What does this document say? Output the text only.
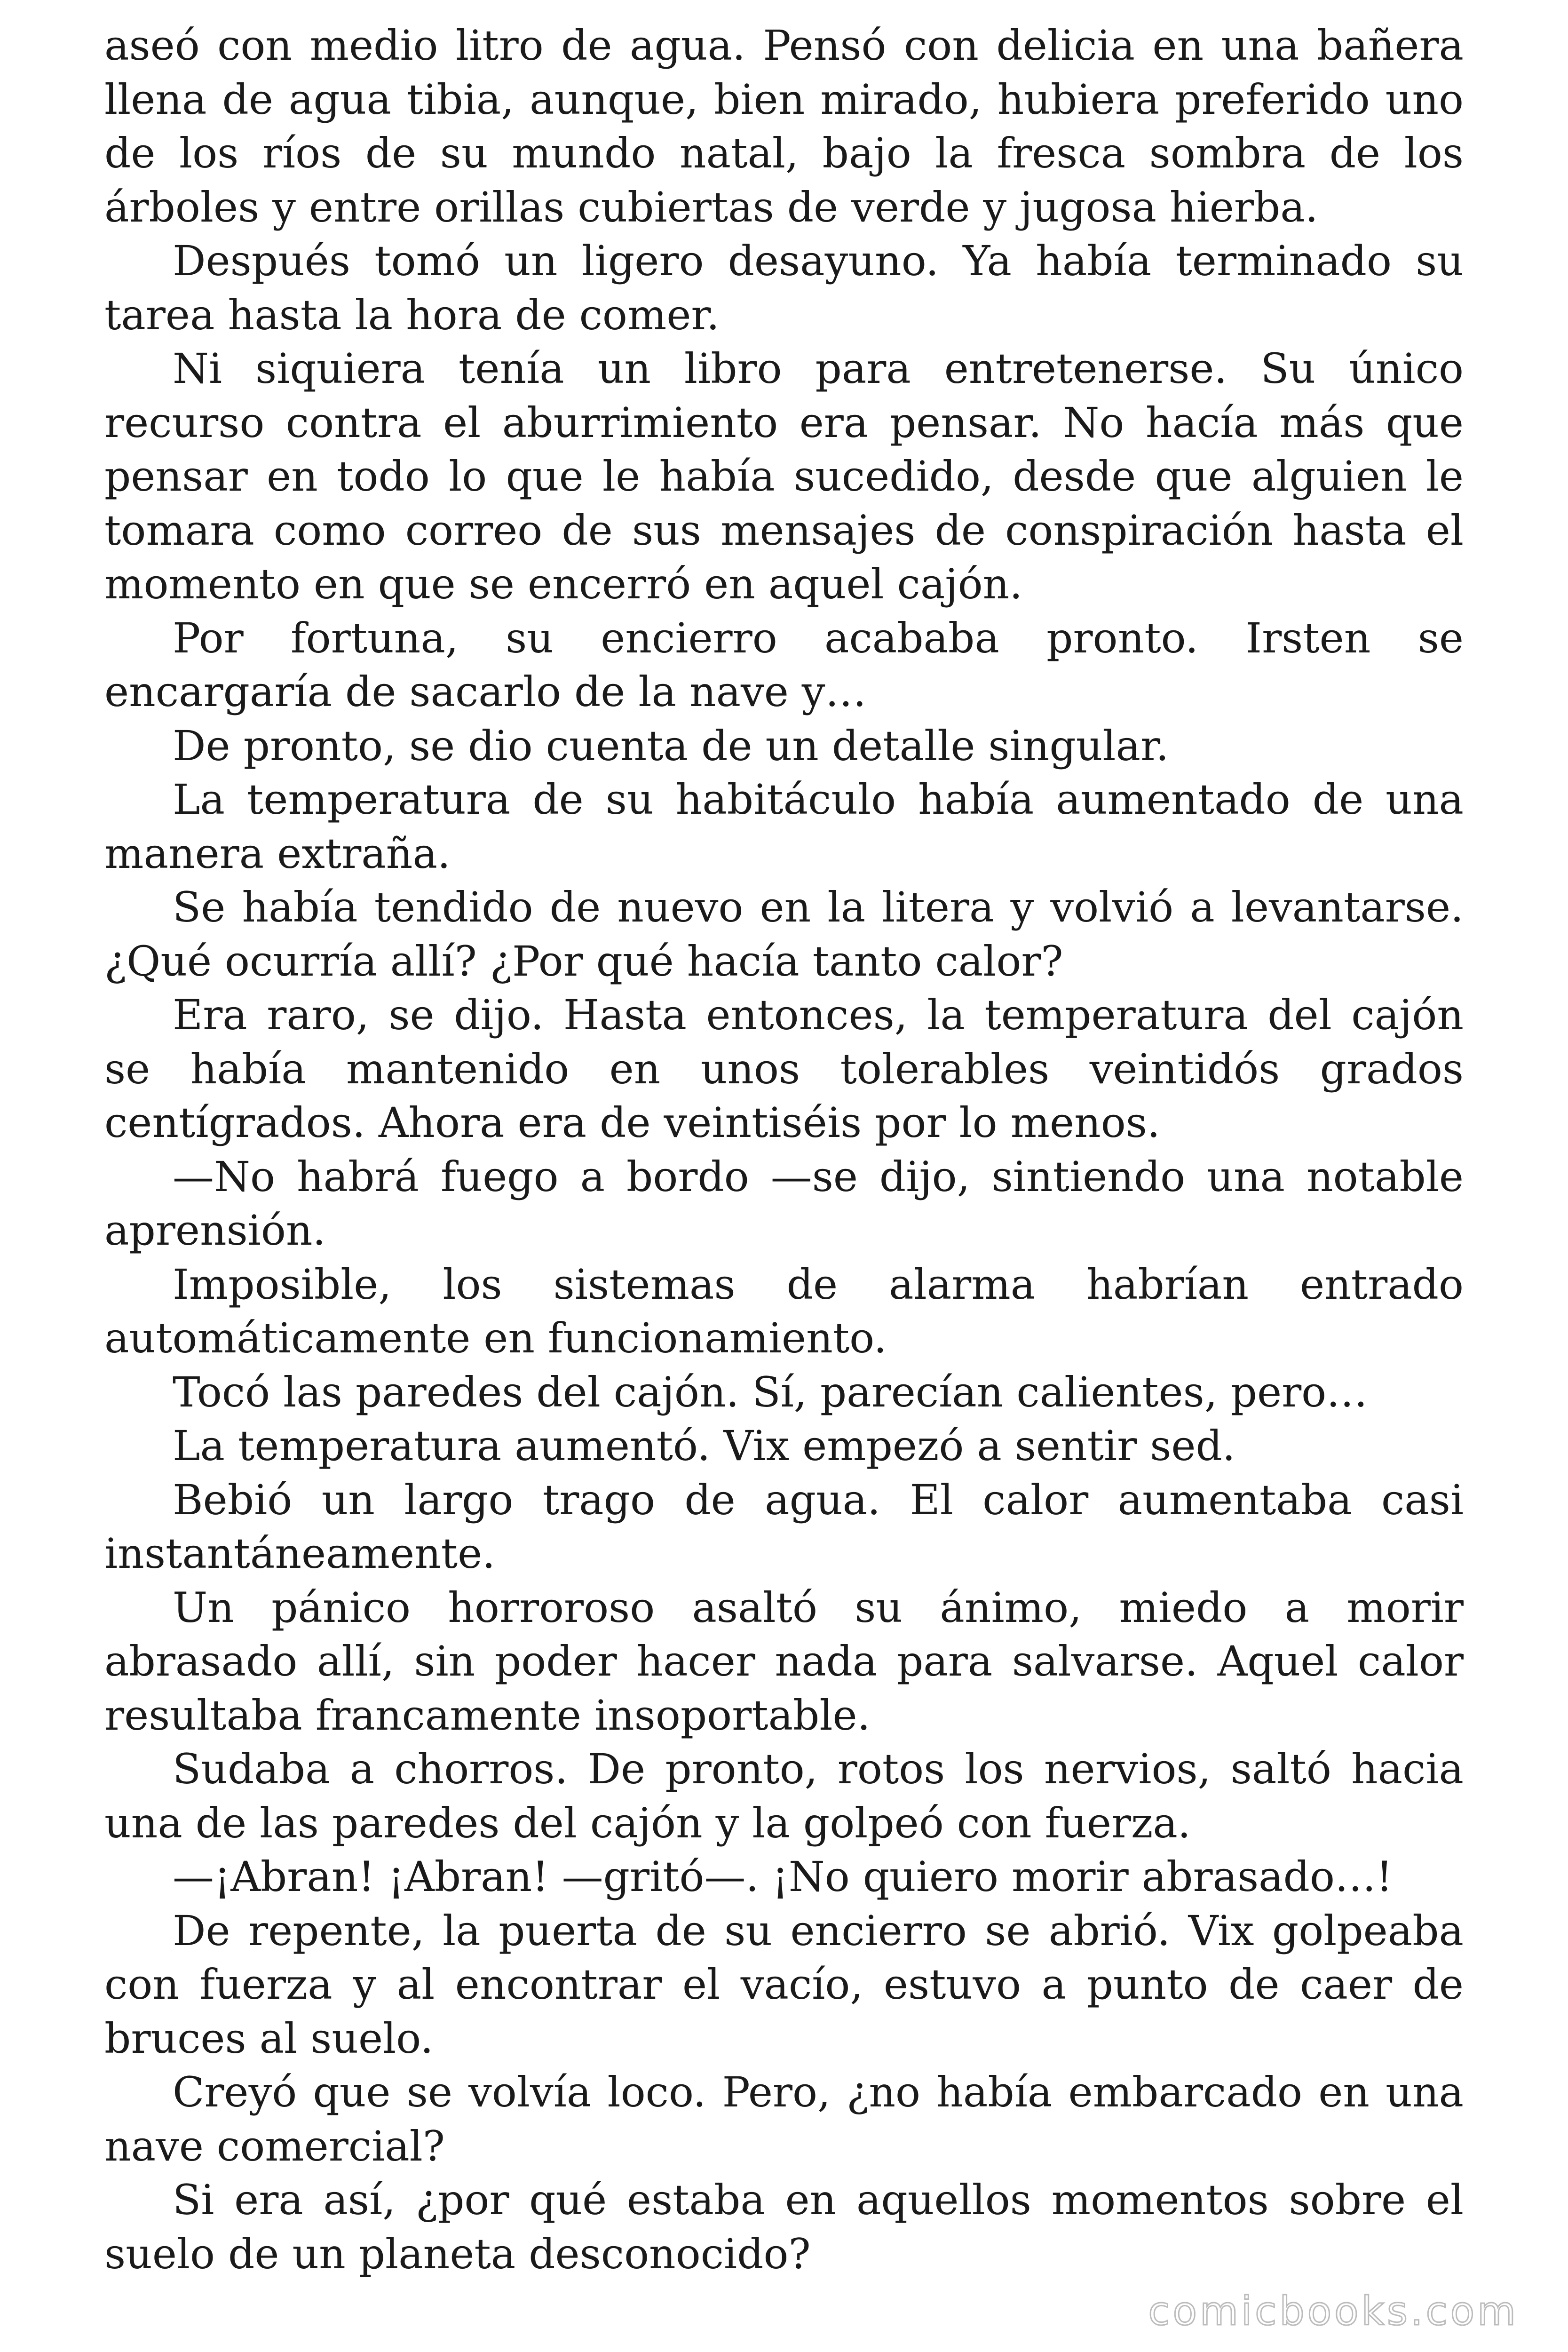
aseó con medio litro de agua. Pensó con delicia en una bañera llena de agua tibia, aunque, bien mirado, hubiera preferido uno de los ríos de su mundo natal, bajo la fresca sombra de los árboles y entre orillas cubiertas de verde y jugosa hierba.

Después tomó un ligero desayuno. Ya había terminado su tarea hasta la hora de comer.

Ni siquiera tenía un libro para entretenerse. Su único recurso contra el aburrimiento era pensar. No hacía más que pensar en todo lo que le había sucedido, desde que alguien le tomara como correo de sus mensajes de conspiración hasta el momento en que se encerró en aquel cajón.

Por fortuna, su encierro acababa pronto. Irsten se encargaría de sacarlo de la nave y…

De pronto, se dio cuenta de un detalle singular.

La temperatura de su habitáculo había aumentado de una manera extraña.

Se había tendido de nuevo en la litera y volvió a levantarse. ¿Qué ocurría allí? ¿Por qué hacía tanto calor?

Era raro, se dijo. Hasta entonces, la temperatura del cajón se había mantenido en unos tolerables veintidós grados centígrados. Ahora era de veintiséis por lo menos.

—No habrá fuego a bordo —se dijo, sintiendo una notable aprensión.

Imposible, los sistemas de alarma habrían entrado automáticamente en funcionamiento.

Tocó las paredes del cajón. Sí, parecían calientes, pero…

La temperatura aumentó. Vix empezó a sentir sed.

Bebió un largo trago de agua. El calor aumentaba casi instantáneamente.

Un pánico horroroso asaltó su ánimo, miedo a morir abrasado allí, sin poder hacer nada para salvarse. Aquel calor resultaba francamente insoportable.

Sudaba a chorros. De pronto, rotos los nervios, saltó hacia una de las paredes del cajón y la golpeó con fuerza.

—¡Abran! ¡Abran! —gritó—. ¡No quiero morir abrasado…!

De repente, la puerta de su encierro se abrió. Vix golpeaba con fuerza y al encontrar el vacío, estuvo a punto de caer de bruces al suelo.

Creyó que se volvía loco. Pero, ¿no había embarcado en una nave comercial?

Si era así, ¿por qué estaba en aquellos momentos sobre el suelo de un planeta desconocido?

comicbooks.com
